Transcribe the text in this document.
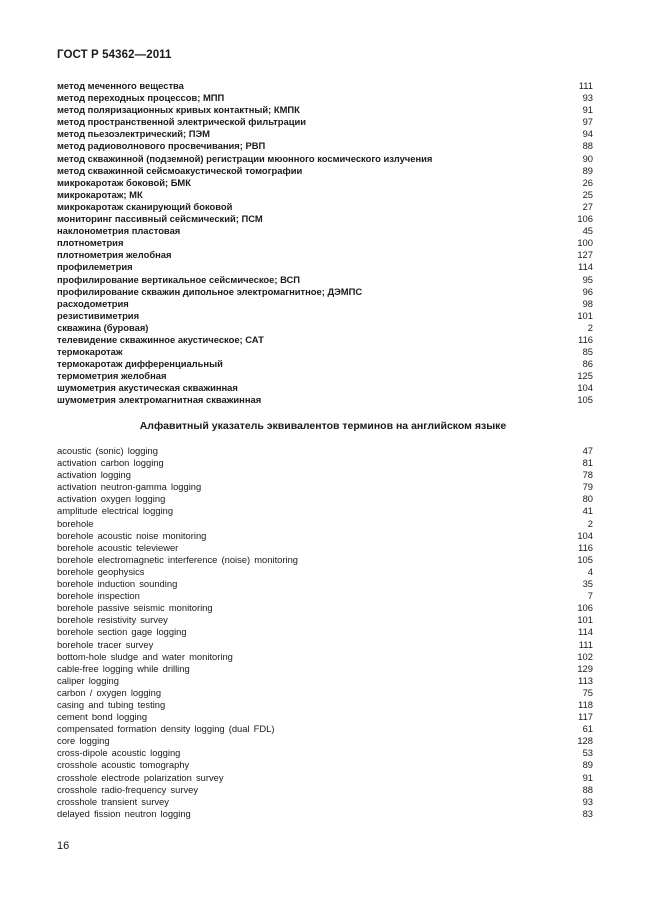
ГОСТ Р 54362—2011
метод меченного вещества	111
метод переходных процессов; МПП	93
метод поляризационных кривых контактный; КМПК	91
метод пространственной электрической фильтрации	97
метод пьезоэлектрический; ПЭМ	94
метод радиоволнового просвечивания; РВП	88
метод скважинной (подземной) регистрации мюонного космического излучения	90
метод скважинной сейсмоакустической томографии	89
микрокаротаж боковой; БМК	26
микрокаротаж; МК	25
микрокаротаж сканирующий боковой	27
мониторинг пассивный сейсмический; ПСМ	106
наклонометрия пластовая	45
плотнометрия	100
плотнометрия желобная	127
профилеметрия	114
профилирование вертикальное сейсмическое; ВСП	95
профилирование скважин дипольное электромагнитное; ДЭМПС	96
расходометрия	98
резистивиметрия	101
скважина (буровая)	2
телевидение скважинное акустическое; САТ	116
термокаротаж	85
термокаротаж дифференциальный	86
термометрия желобная	125
шумометрия акустическая скважинная	104
шумометрия электромагнитная скважинная	105
Алфавитный указатель эквивалентов терминов на английском языке
acoustic (sonic) logging	47
activation carbon logging	81
activation logging	78
activation neutron-gamma logging	79
activation oxygen logging	80
amplitude electrical logging	41
borehole	2
borehole acoustic noise monitoring	104
borehole acoustic televiewer	116
borehole electromagnetic interference (noise) monitoring	105
borehole geophysics	4
borehole induction sounding	35
borehole inspection	7
borehole passive seismic monitoring	106
borehole resistivity survey	101
borehole section gage logging	114
borehole tracer survey	111
bottom-hole sludge and water monitoring	102
cable-free logging while drilling	129
caliper logging	113
carbon / oxygen logging	75
casing and tubing testing	118
cement bond logging	117
compensated formation density logging (dual FDL)	61
core logging	128
cross-dipole acoustic logging	53
crosshole acoustic tomography	89
crosshole electrode polarization survey	91
crosshole radio-frequency survey	88
crosshole transient survey	93
delayed fission neutron logging	83
16
